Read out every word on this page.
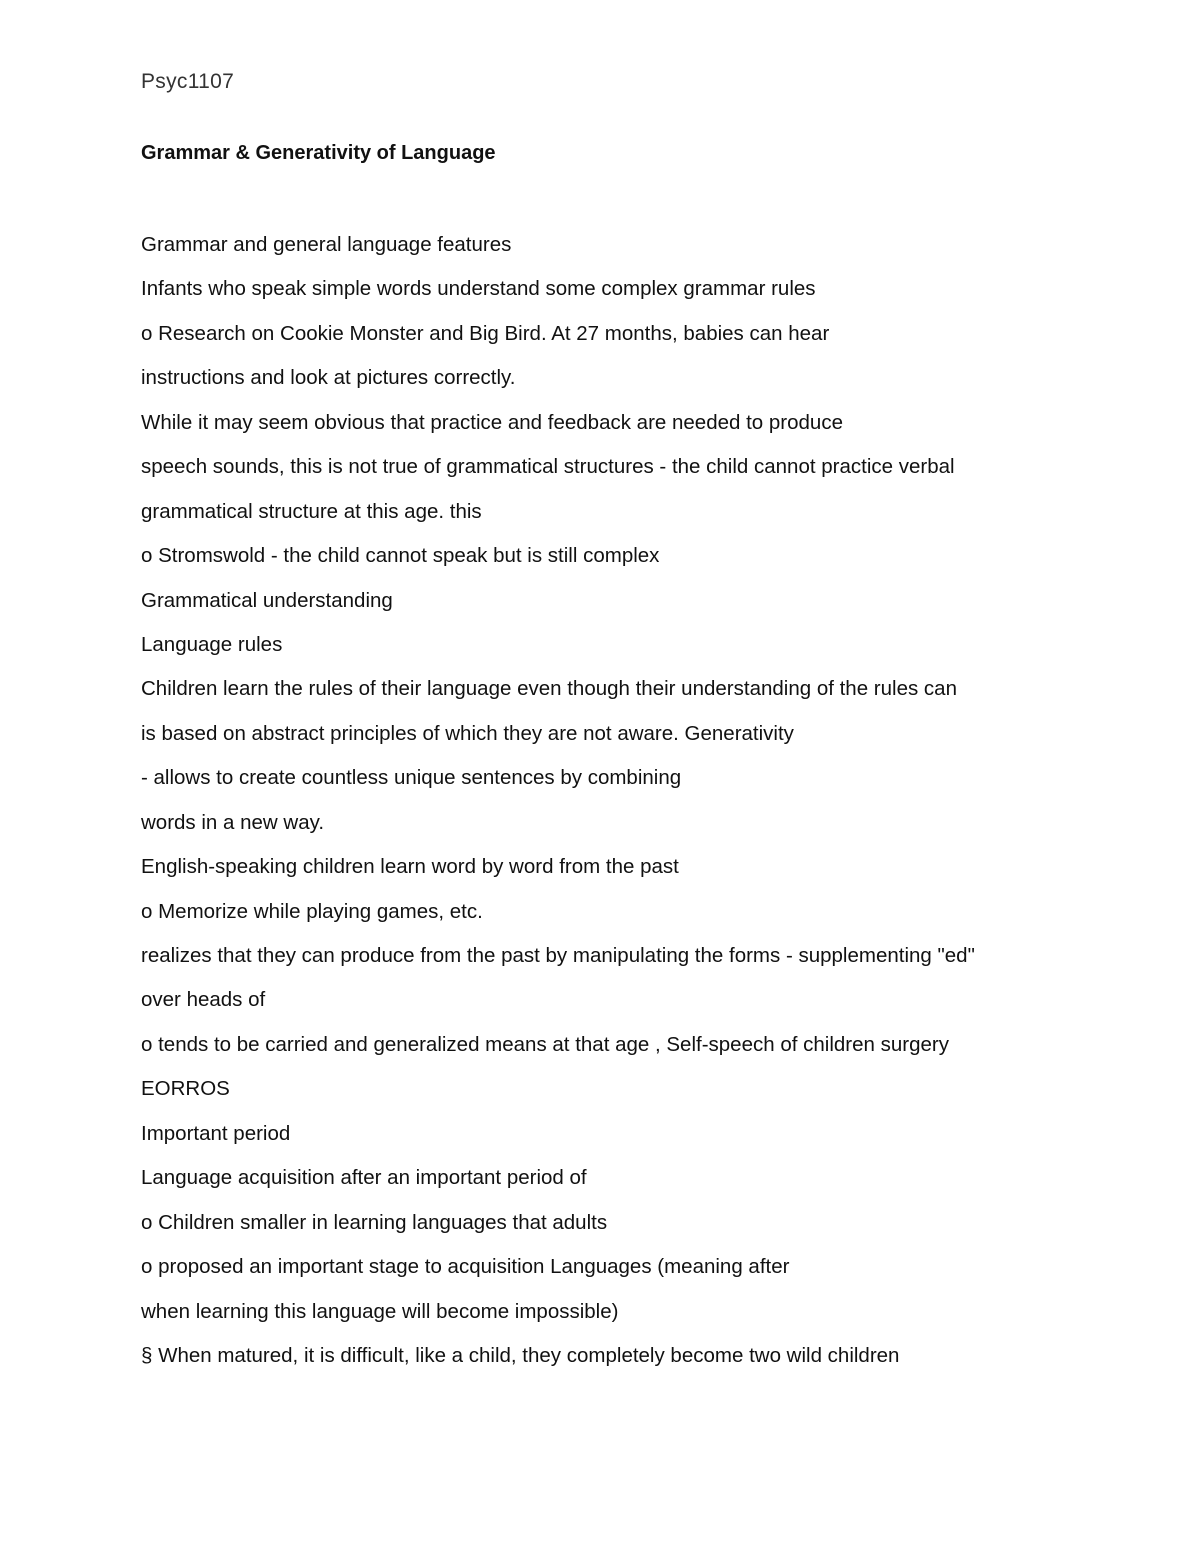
Psyc1107
Grammar & Generativity of Language
Grammar and general language features
Infants who speak simple words understand some complex grammar rules
o Research on Cookie Monster and Big Bird. At 27 months, babies can hear
instructions and look at pictures correctly.
While it may seem obvious that practice and feedback are needed to produce
speech sounds, this is not true of grammatical structures - the child cannot practice verbal
grammatical structure at this age. this
o Stromswold - the child cannot speak but is still complex
Grammatical understanding
Language rules
Children learn the rules of their language even though their understanding of the rules can
is based on abstract principles of which they are not aware. Generativity
- allows to create countless unique sentences by combining
words in a new way.
English-speaking children learn word by word from the past
o Memorize while playing games, etc.
realizes that they can produce from the past by manipulating the forms - supplementing "ed"
over heads of
o tends to be carried and generalized means at that age , Self-speech of children surgery
EORROS
Important period
Language acquisition after an important period of
o Children smaller in learning languages that adults
o proposed an important stage to acquisition Languages (meaning after
when learning this language will become impossible)
§ When matured, it is difficult, like a child, they completely become two wild children
